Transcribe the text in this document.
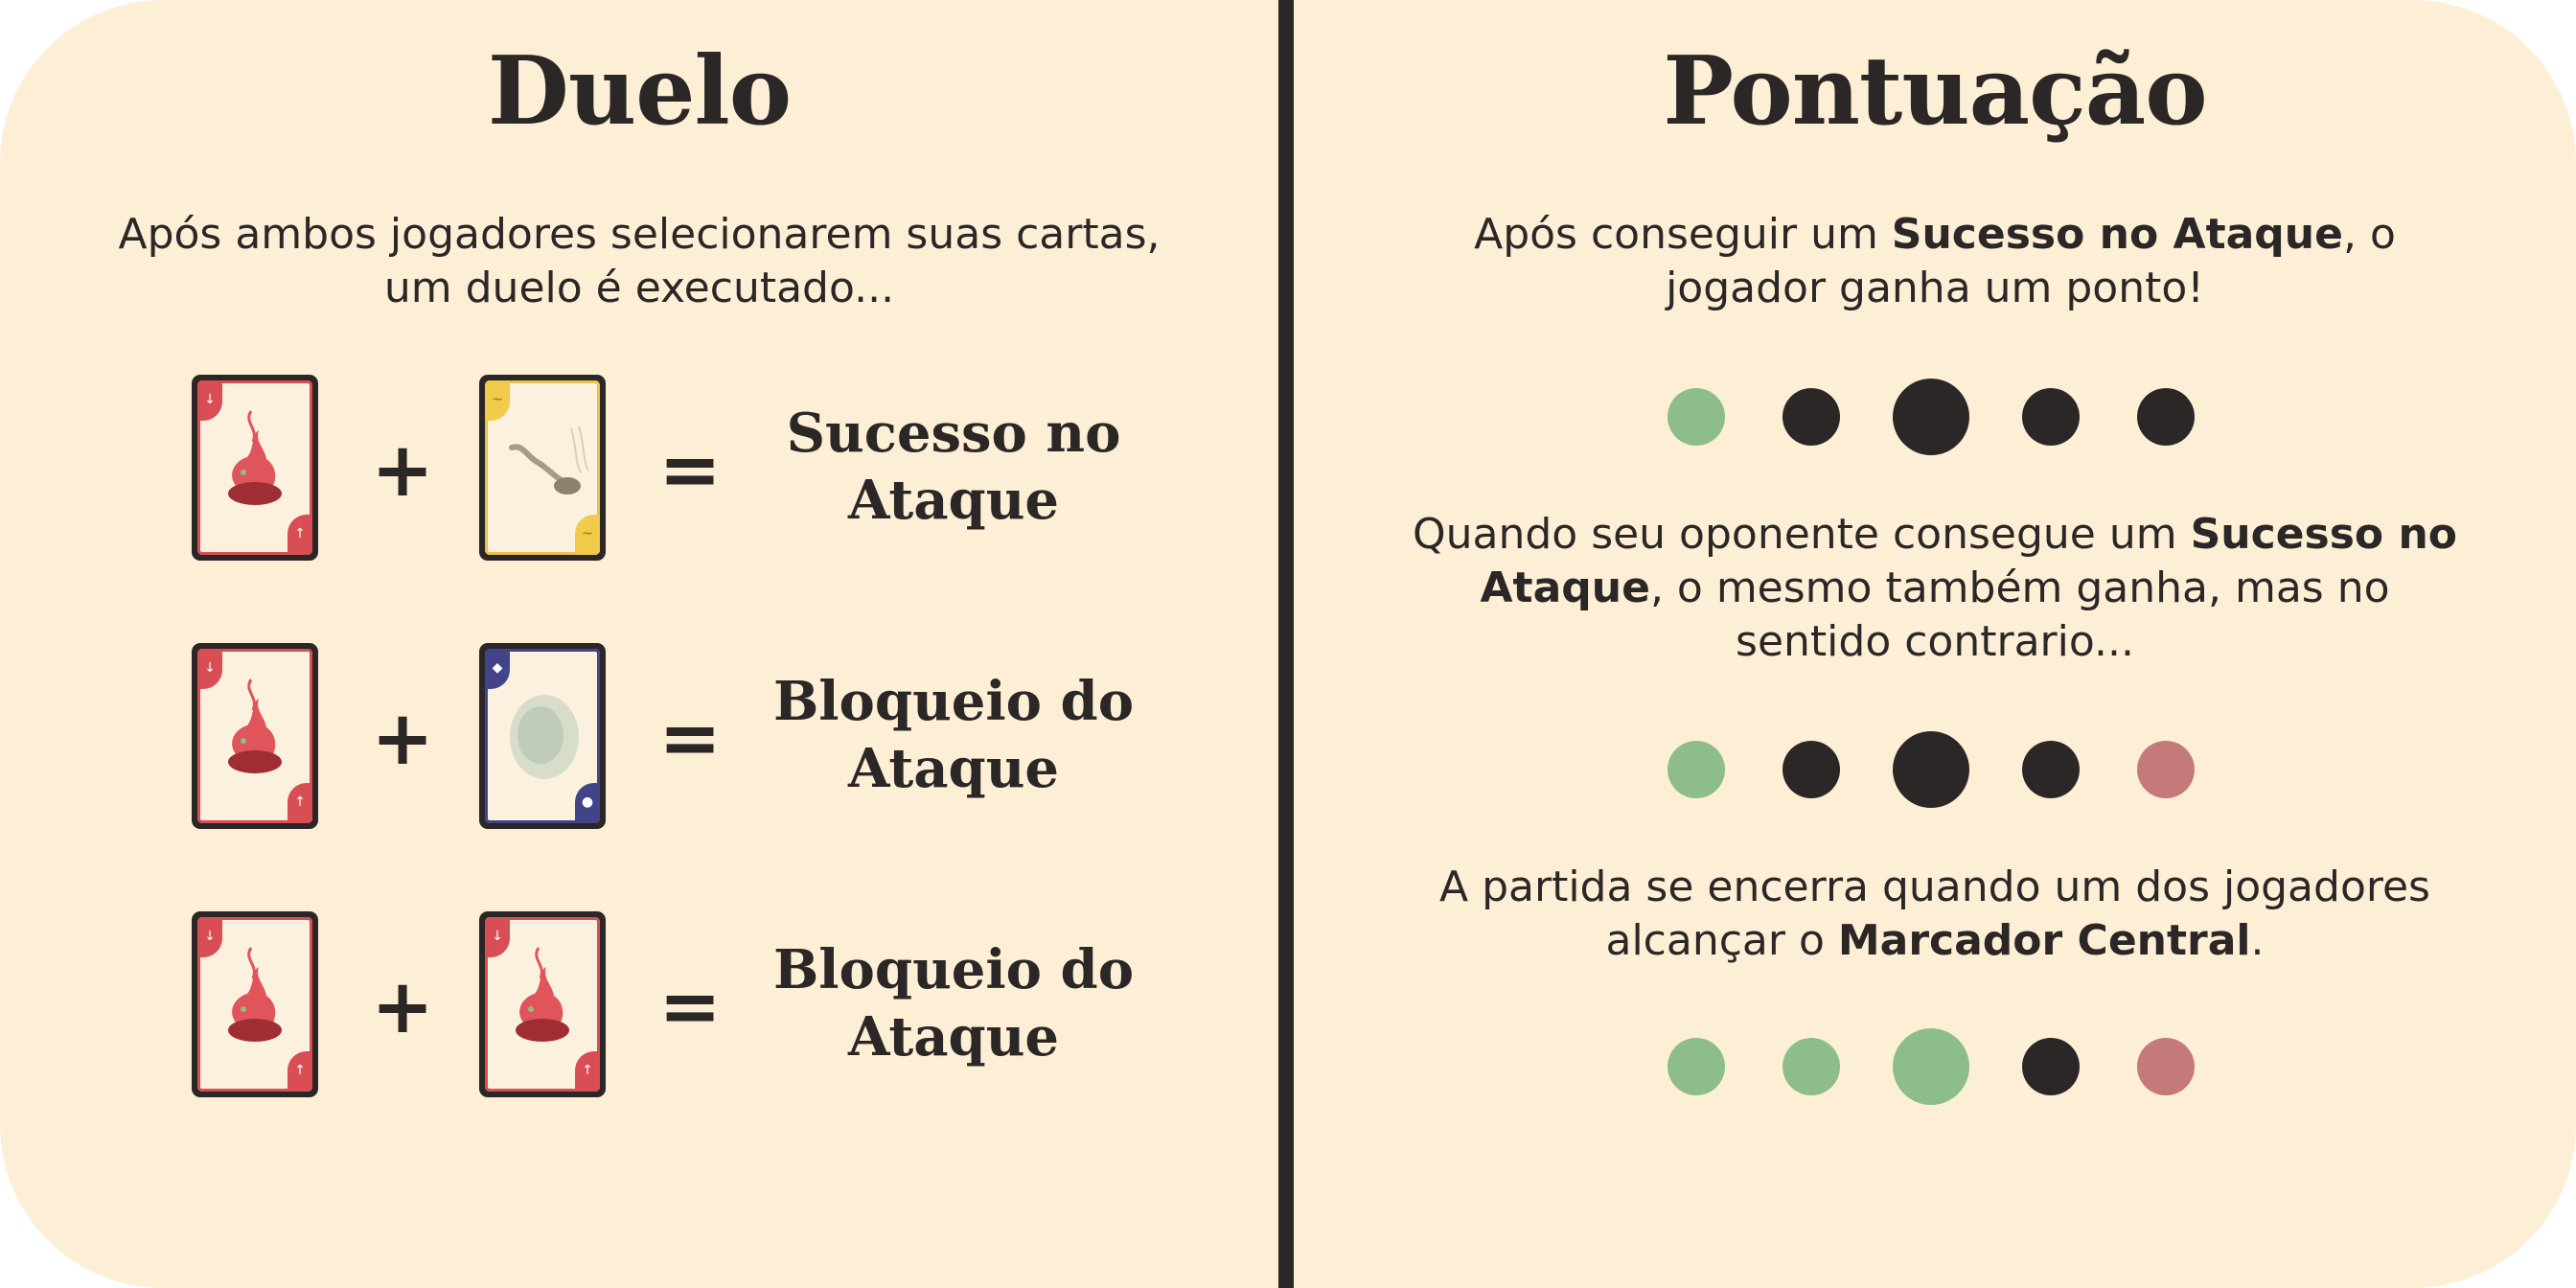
Duelo
Após ambos jogadores selecionarem suas cartas,
um duelo é executado...
↓
↑
+
~
~
=	Sucesso no
Ataque
↓
↑
+
◆
●
= Bloqueio do
Ataque
↓
↑
+
↓
↑
= Bloqueio do
Ataque
Pontuação
Após conseguir um Sucesso no Ataque, o
jogador ganha um ponto!
Quando seu oponente consegue um Sucesso no
Ataque, o mesmo também ganha, mas no
sentido contrario...
A partida se encerra quando um dos jogadores
alcançar o Marcador Central.
